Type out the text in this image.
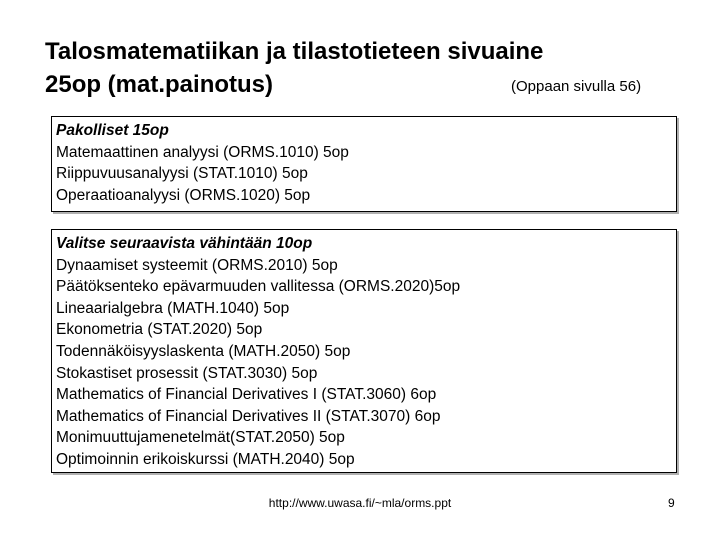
Talosmatematiikan ja tilastotieteen sivuaine
25op (mat.painotus)	(Oppaan sivulla 56)
Pakolliset 15op
Matemaattinen analyysi (ORMS.1010) 5op
Riippuvuusanalyysi (STAT.1010) 5op
Operaatioanalyysi (ORMS.1020) 5op
Valitse seuraavista vähintään 10op
Dynaamiset systeemit (ORMS.2010) 5op
Päätöksenteko epävarmuuden vallitessa (ORMS.2020)5op
Lineaarialgebra (MATH.1040) 5op
Ekonometria (STAT.2020) 5op
Todennäköisyyslaskenta (MATH.2050) 5op
Stokastiset prosessit (STAT.3030) 5op
Mathematics of Financial Derivatives I (STAT.3060) 6op
Mathematics of Financial Derivatives II (STAT.3070) 6op
Monimuuttujamenetelmät(STAT.2050) 5op
Optimoinnin erikoiskurssi (MATH.2040) 5op
http://www.uwasa.fi/~mla/orms.ppt	9
